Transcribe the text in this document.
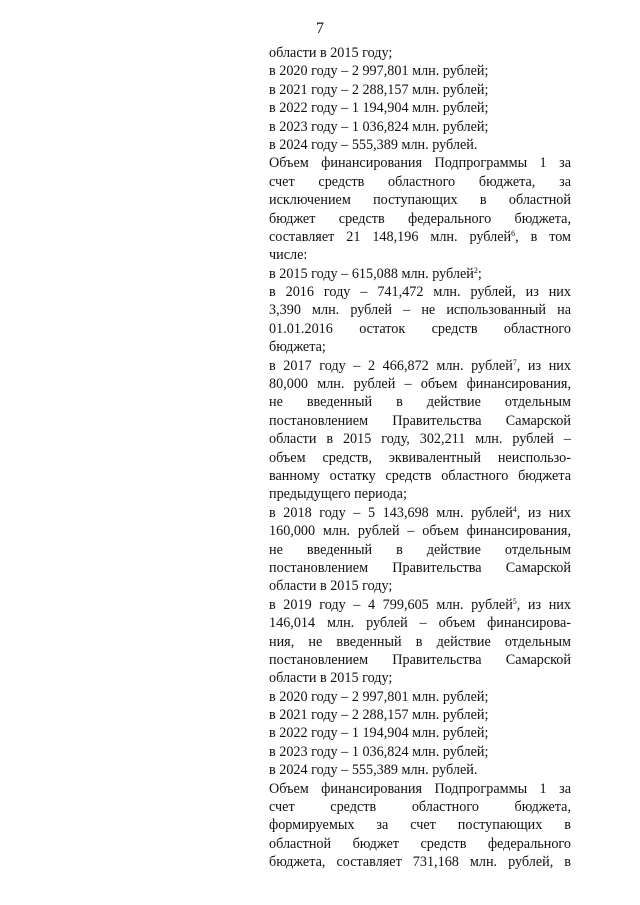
7
области в 2015 году;
в 2020 году – 2 997,801 млн. рублей;
в 2021 году – 2 288,157 млн. рублей;
в 2022 году – 1 194,904 млн. рублей;
в 2023 году – 1 036,824 млн. рублей;
в 2024 году – 555,389 млн. рублей.
Объем финансирования Подпрограммы 1 за
счет средств областного бюджета, за
исключением поступающих в областной
бюджет средств федерального бюджета,
составляет 21 148,196 млн. рублей$^6$, в том
числе:
в 2015 году – 615,088 млн. рублей$^2$;
в 2016 году – 741,472 млн. рублей, из них
3,390 млн. рублей – не использованный на
01.01.2016 остаток средств областного
бюджета;
в 2017 году – 2 466,872 млн. рублей$^7$, из них
80,000 млн. рублей – объем финансирования,
не введенный в действие отдельным
постановлением Правительства Самарской
области в 2015 году, 302,211 млн. рублей –
объем средств, эквивалентный неиспользо-
ванному остатку средств областного бюджета
предыдущего периода;
в 2018 году – 5 143,698 млн. рублей$^4$, из них
160,000 млн. рублей – объем финансирования,
не введенный в действие отдельным
постановлением Правительства Самарской
области в 2015 году;
в 2019 году – 4 799,605 млн. рублей$^5$, из них
146,014 млн. рублей – объем финансирова-
ния, не введенный в действие отдельным
постановлением Правительства Самарской
области в 2015 году;
в 2020 году – 2 997,801 млн. рублей;
в 2021 году – 2 288,157 млн. рублей;
в 2022 году – 1 194,904 млн. рублей;
в 2023 году – 1 036,824 млн. рублей;
в 2024 году – 555,389 млн. рублей.
Объем финансирования Подпрограммы 1 за
счет средств областного бюджета,
формируемых за счет поступающих в
областной бюджет средств федерального
бюджета, составляет 731,168 млн. рублей, в
